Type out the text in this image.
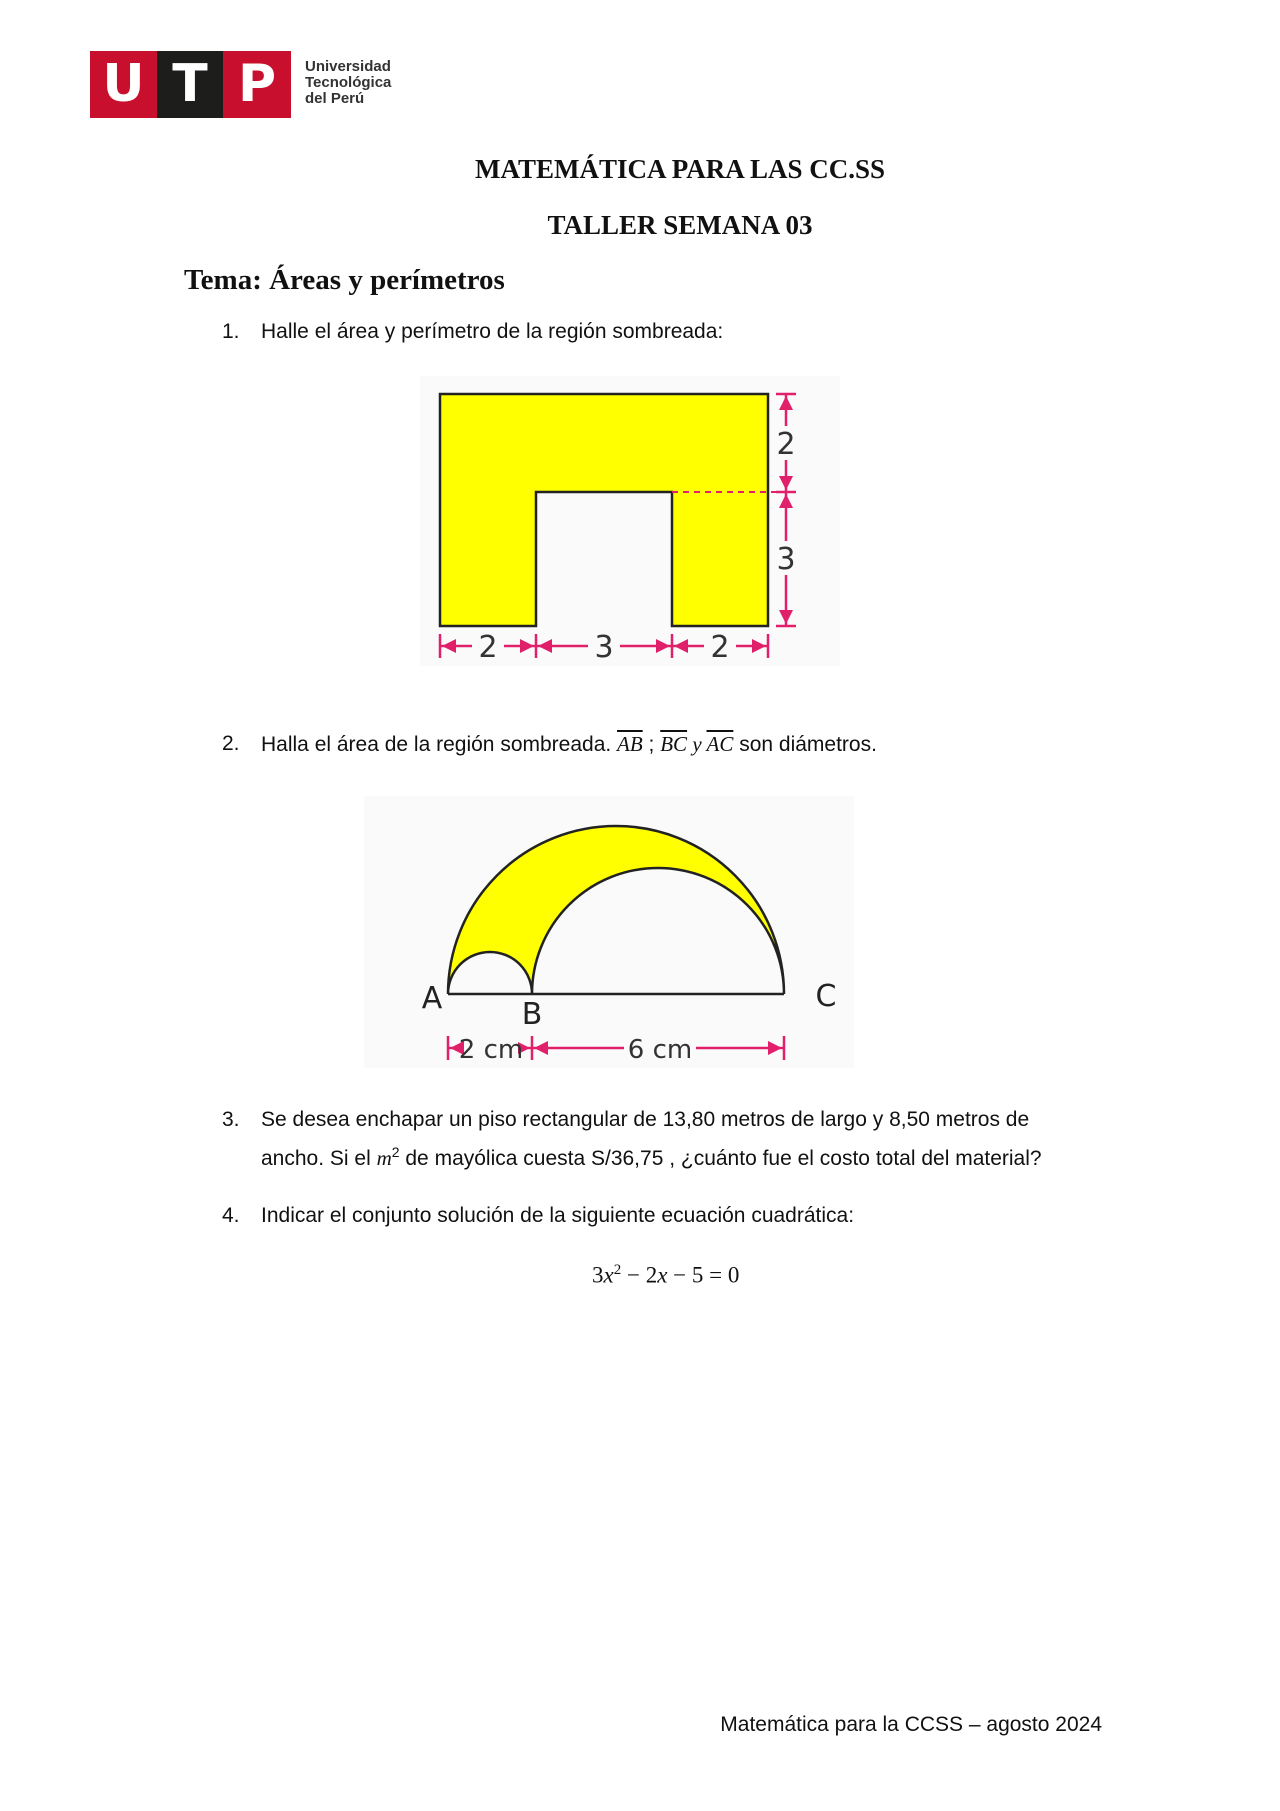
U T P	Universidad
Tecnológica
del Perú
MATEMÁTICA PARA LAS CC.SS
TALLER SEMANA 03
Tema: Áreas y perímetros
1. Halle el área y perímetro de la región sombreada:
2
3
2	3	2
2. Halla el área de la región sombreada. $\overline{AB}$ ; $\overline{BC}$ y $\overline{AC}$ son diámetros.
A	B
C
2 cm	6 cm
3. Se desea enchapar un piso rectangular de 13,80 metros de largo y 8,50 metros de
ancho. Si el $m^2$ de mayólica cuesta S/36,75 , ¿cuánto fue el costo total del material?
4. Indicar el conjunto solución de la siguiente ecuación cuadrática:
$3x^2 - 2x - 5 = 0$
Matemática para la CCSS – agosto 2024
